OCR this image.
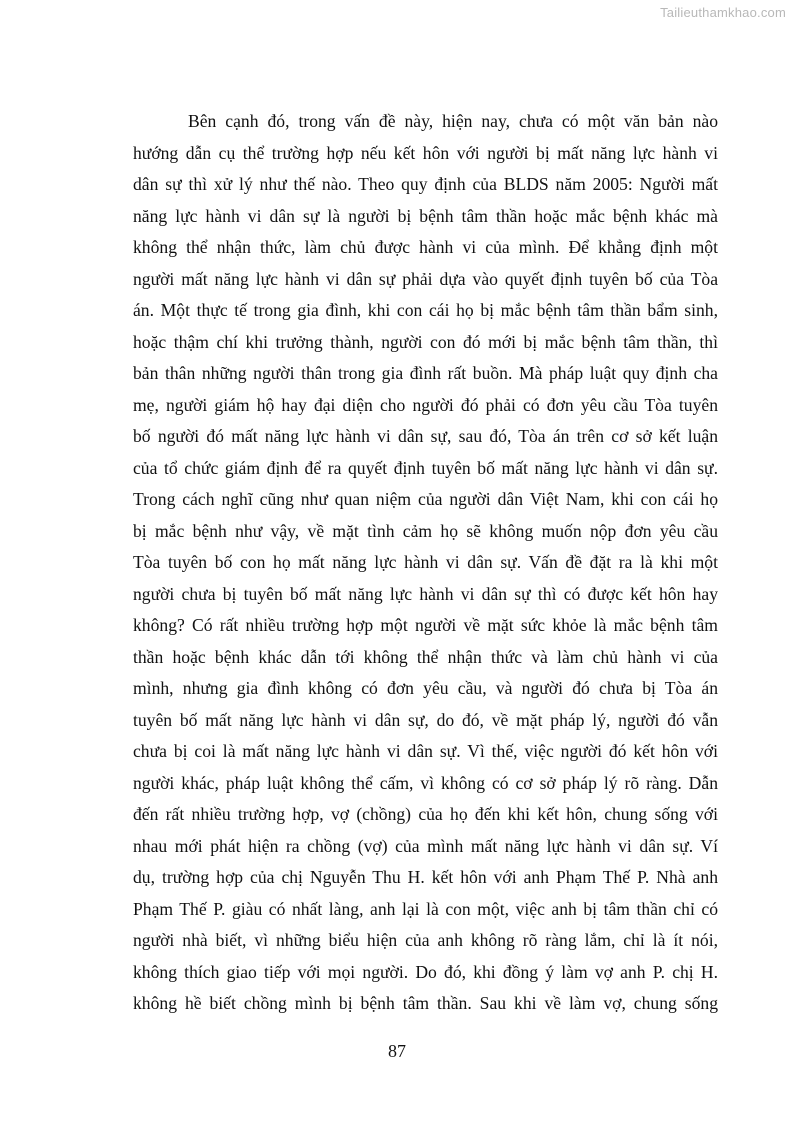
Tailieuthamkhao.com
Bên cạnh đó, trong vấn đề này, hiện nay, chưa có một văn bản nào
hướng dẫn cụ thể trường hợp nếu kết hôn với người bị mất năng lực hành vi
dân sự thì xử lý như thế nào. Theo quy định của BLDS năm 2005: Người mất
năng lực hành vi dân sự là người bị bệnh tâm thần hoặc mắc bệnh khác mà
không thể nhận thức, làm chủ được hành vi của mình. Để khẳng định một
người mất năng lực hành vi dân sự phải dựa vào quyết định tuyên bố của Tòa
án. Một thực tế trong gia đình, khi con cái họ bị mắc bệnh tâm thần bẩm sinh,
hoặc thậm chí khi trưởng thành, người con đó mới bị mắc bệnh tâm thần, thì
bản thân những người thân trong gia đình rất buồn. Mà pháp luật quy định cha
mẹ, người giám hộ hay đại diện cho người đó phải có đơn yêu cầu Tòa tuyên
bố người đó mất năng lực hành vi dân sự, sau đó, Tòa án trên cơ sở kết luận
của tổ chức giám định để ra quyết định tuyên bố mất năng lực hành vi dân sự.
Trong cách nghĩ cũng như quan niệm của người dân Việt Nam, khi con cái họ
bị mắc bệnh như vậy, về mặt tình cảm họ sẽ không muốn nộp đơn yêu cầu
Tòa tuyên bố con họ mất năng lực hành vi dân sự. Vấn đề đặt ra là khi một
người chưa bị tuyên bố mất năng lực hành vi dân sự thì có được kết hôn hay
không? Có rất nhiều trường hợp một người về mặt sức khỏe là mắc bệnh tâm
thần hoặc bệnh khác dẫn tới không thể nhận thức và làm chủ hành vi của
mình, nhưng gia đình không có đơn yêu cầu, và người đó chưa bị Tòa án
tuyên bố mất năng lực hành vi dân sự, do đó, về mặt pháp lý, người đó vẫn
chưa bị coi là mất năng lực hành vi dân sự. Vì thế, việc người đó kết hôn với
người khác, pháp luật không thể cấm, vì không có cơ sở pháp lý rõ ràng. Dẫn
đến rất nhiều trường hợp, vợ (chồng) của họ đến khi kết hôn, chung sống với
nhau mới phát hiện ra chồng (vợ) của mình mất năng lực hành vi dân sự. Ví
dụ, trường hợp của chị Nguyễn Thu H. kết hôn với anh Phạm Thế P. Nhà anh
Phạm Thế P. giàu có nhất làng, anh lại là con một, việc anh bị tâm thần chỉ có
người nhà biết, vì những biểu hiện của anh không rõ ràng lắm, chỉ là ít nói,
không thích giao tiếp với mọi người. Do đó, khi đồng ý làm vợ anh P. chị H.
không hề biết chồng mình bị bệnh tâm thần. Sau khi về làm vợ, chung sống
87
